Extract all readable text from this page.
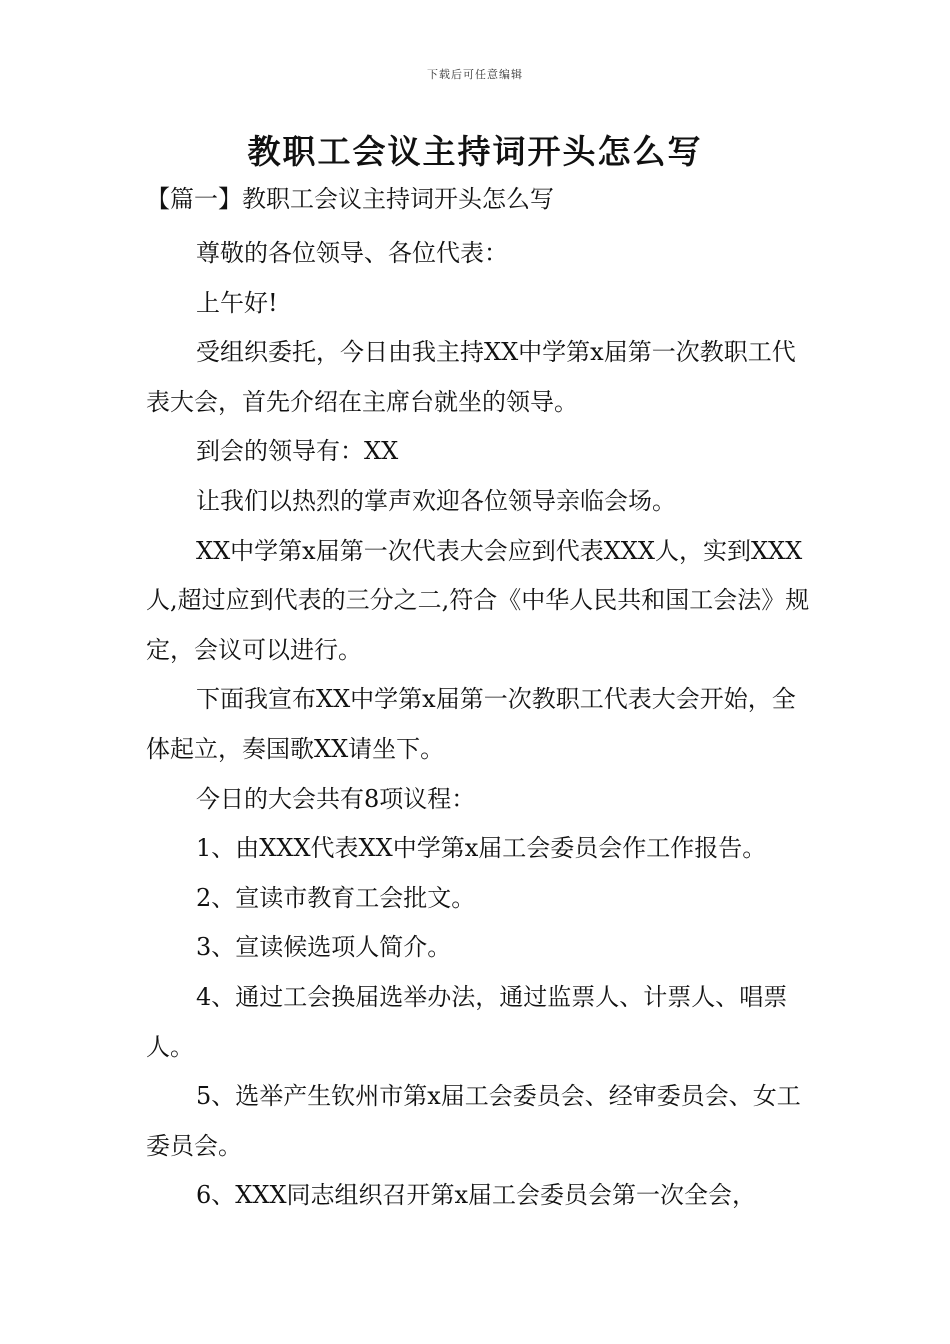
下载后可任意编辑
教职工会议主持词开头怎么写
【篇一】教职工会议主持词开头怎么写

尊敬的各位领导、各位代表：

上午好!

受组织委托，今日由我主持XX中学第x届第一次教职工代表大会，首先介绍在主席台就坐的领导。

到会的领导有：XX

让我们以热烈的掌声欢迎各位领导亲临会场。

XX中学第x届第一次代表大会应到代表XXX人，实到XXX人,超过应到代表的三分之二,符合《中华人民共和国工会法》规定，会议可以进行。

下面我宣布XX中学第x届第一次教职工代表大会开始，全体起立，奏国歌XX请坐下。

今日的大会共有8项议程：

1、由XXX代表XX中学第x届工会委员会作工作报告。

2、宣读市教育工会批文。

3、宣读候选项人简介。

4、通过工会换届选举办法，通过监票人、计票人、唱票人。

5、选举产生钦州市第x届工会委员会、经审委员会、女工委员会。

6、XXX同志组织召开第x届工会委员会第一次全会，
